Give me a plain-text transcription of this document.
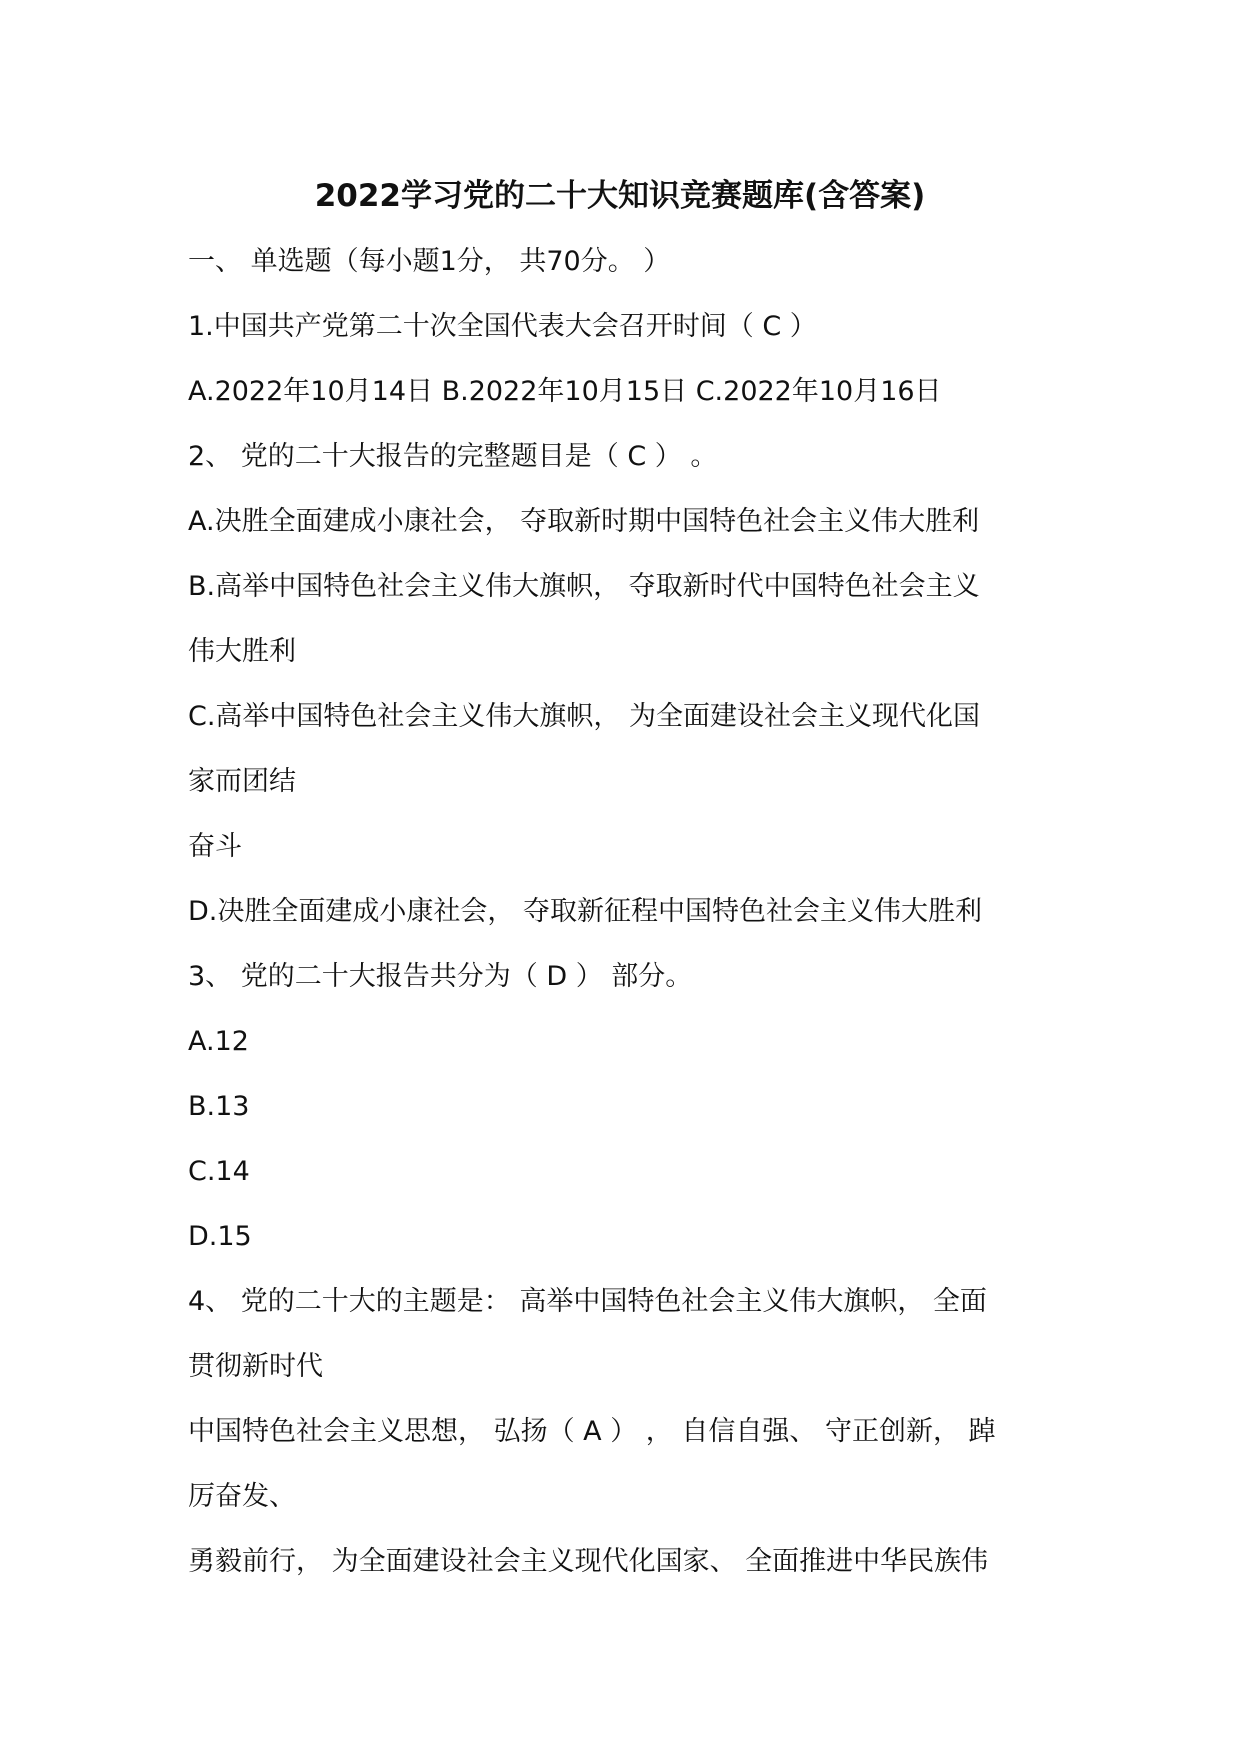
2022学习党的二十大知识竞赛题库(含答案)
一、 单选题（每小题1分， 共70分。 ）
1.中国共产党第二十次全国代表大会召开时间（ C ）
A.2022年10月14日 B.2022年10月15日 C.2022年10月16日
2、 党的二十大报告的完整题目是（ C ） 。
A.决胜全面建成小康社会， 夺取新时期中国特色社会主义伟大胜利
B.高举中国特色社会主义伟大旗帜， 夺取新时代中国特色社会主义
伟大胜利
C.高举中国特色社会主义伟大旗帜， 为全面建设社会主义现代化国
家而团结
奋斗
D.决胜全面建成小康社会， 夺取新征程中国特色社会主义伟大胜利
3、 党的二十大报告共分为（ D ） 部分。
A.12
B.13
C.14
D.15
4、 党的二十大的主题是： 高举中国特色社会主义伟大旗帜， 全面
贯彻新时代
中国特色社会主义思想， 弘扬（ A ） ， 自信自强、 守正创新， 踔
厉奋发、
勇毅前行， 为全面建设社会主义现代化国家、 全面推进中华民族伟
